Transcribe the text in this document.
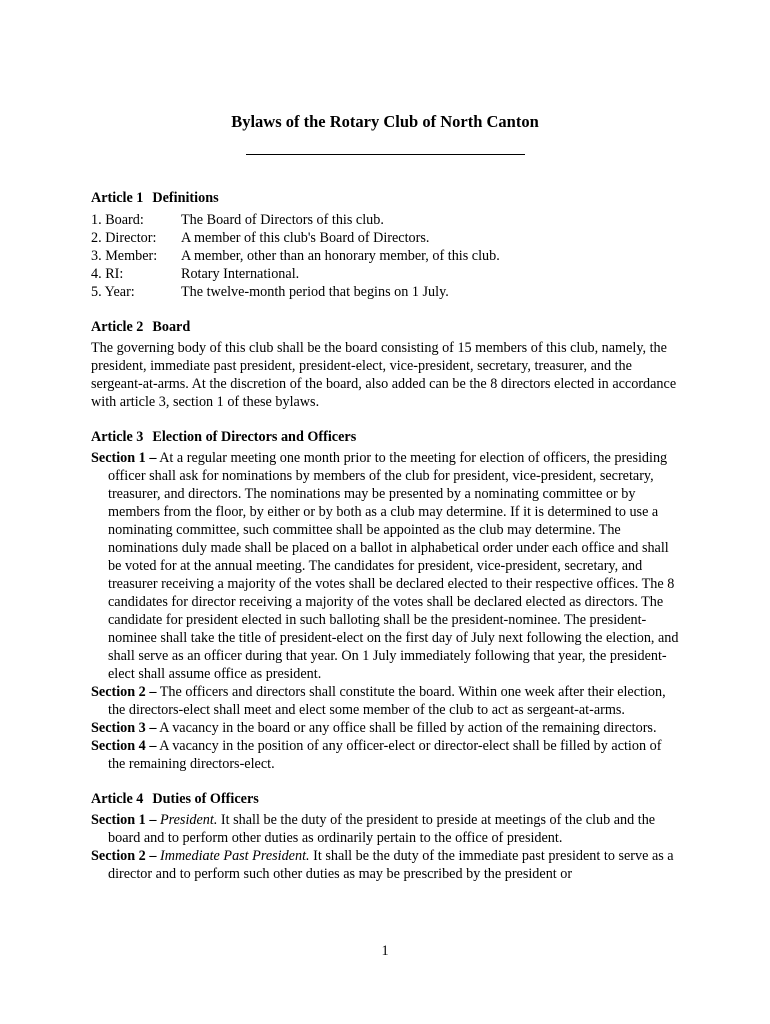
Bylaws of the Rotary Club of North Canton
Article 1 Definitions
1. Board:	The Board of Directors of this club.
2. Director:	A member of this club's Board of Directors.
3. Member:	A member, other than an honorary member, of this club.
4. RI:	Rotary International.
5. Year:	The twelve-month period that begins on 1 July.
Article 2 Board

The governing body of this club shall be the board consisting of 15 members of this club, namely, the president, immediate past president, president-elect, vice-president, secretary, treasurer, and the sergeant-at-arms. At the discretion of the board, also added can be the 8 directors elected in accordance with article 3, section 1 of these bylaws.

Article 3 Election of Directors and Officers

Section 1 – At a regular meeting one month prior to the meeting for election of officers, the presiding officer shall ask for nominations by members of the club for president, vice-president, secretary, treasurer, and directors. The nominations may be presented by a nominating committee or by members from the floor, by either or by both as a club may determine. If it is determined to use a nominating committee, such committee shall be appointed as the club may determine. The nominations duly made shall be placed on a ballot in alphabetical order under each office and shall be voted for at the annual meeting. The candidates for president, vice-president, secretary, and treasurer receiving a majority of the votes shall be declared elected to their respective offices. The 8 candidates for director receiving a majority of the votes shall be declared elected as directors. The candidate for president elected in such balloting shall be the president-nominee. The president-nominee shall take the title of president-elect on the first day of July next following the election, and shall serve as an officer during that year. On 1 July immediately following that year, the president-elect shall assume office as president.

Section 2 – The officers and directors shall constitute the board. Within one week after their election, the directors-elect shall meet and elect some member of the club to act as sergeant-at-arms.

Section 3 – A vacancy in the board or any office shall be filled by action of the remaining directors.

Section 4 – A vacancy in the position of any officer-elect or director-elect shall be filled by action of the remaining directors-elect.

Article 4 Duties of Officers

Section 1 – President. It shall be the duty of the president to preside at meetings of the club and the board and to perform other duties as ordinarily pertain to the office of president.

Section 2 – Immediate Past President. It shall be the duty of the immediate past president to serve as a director and to perform such other duties as may be prescribed by the president or

1
